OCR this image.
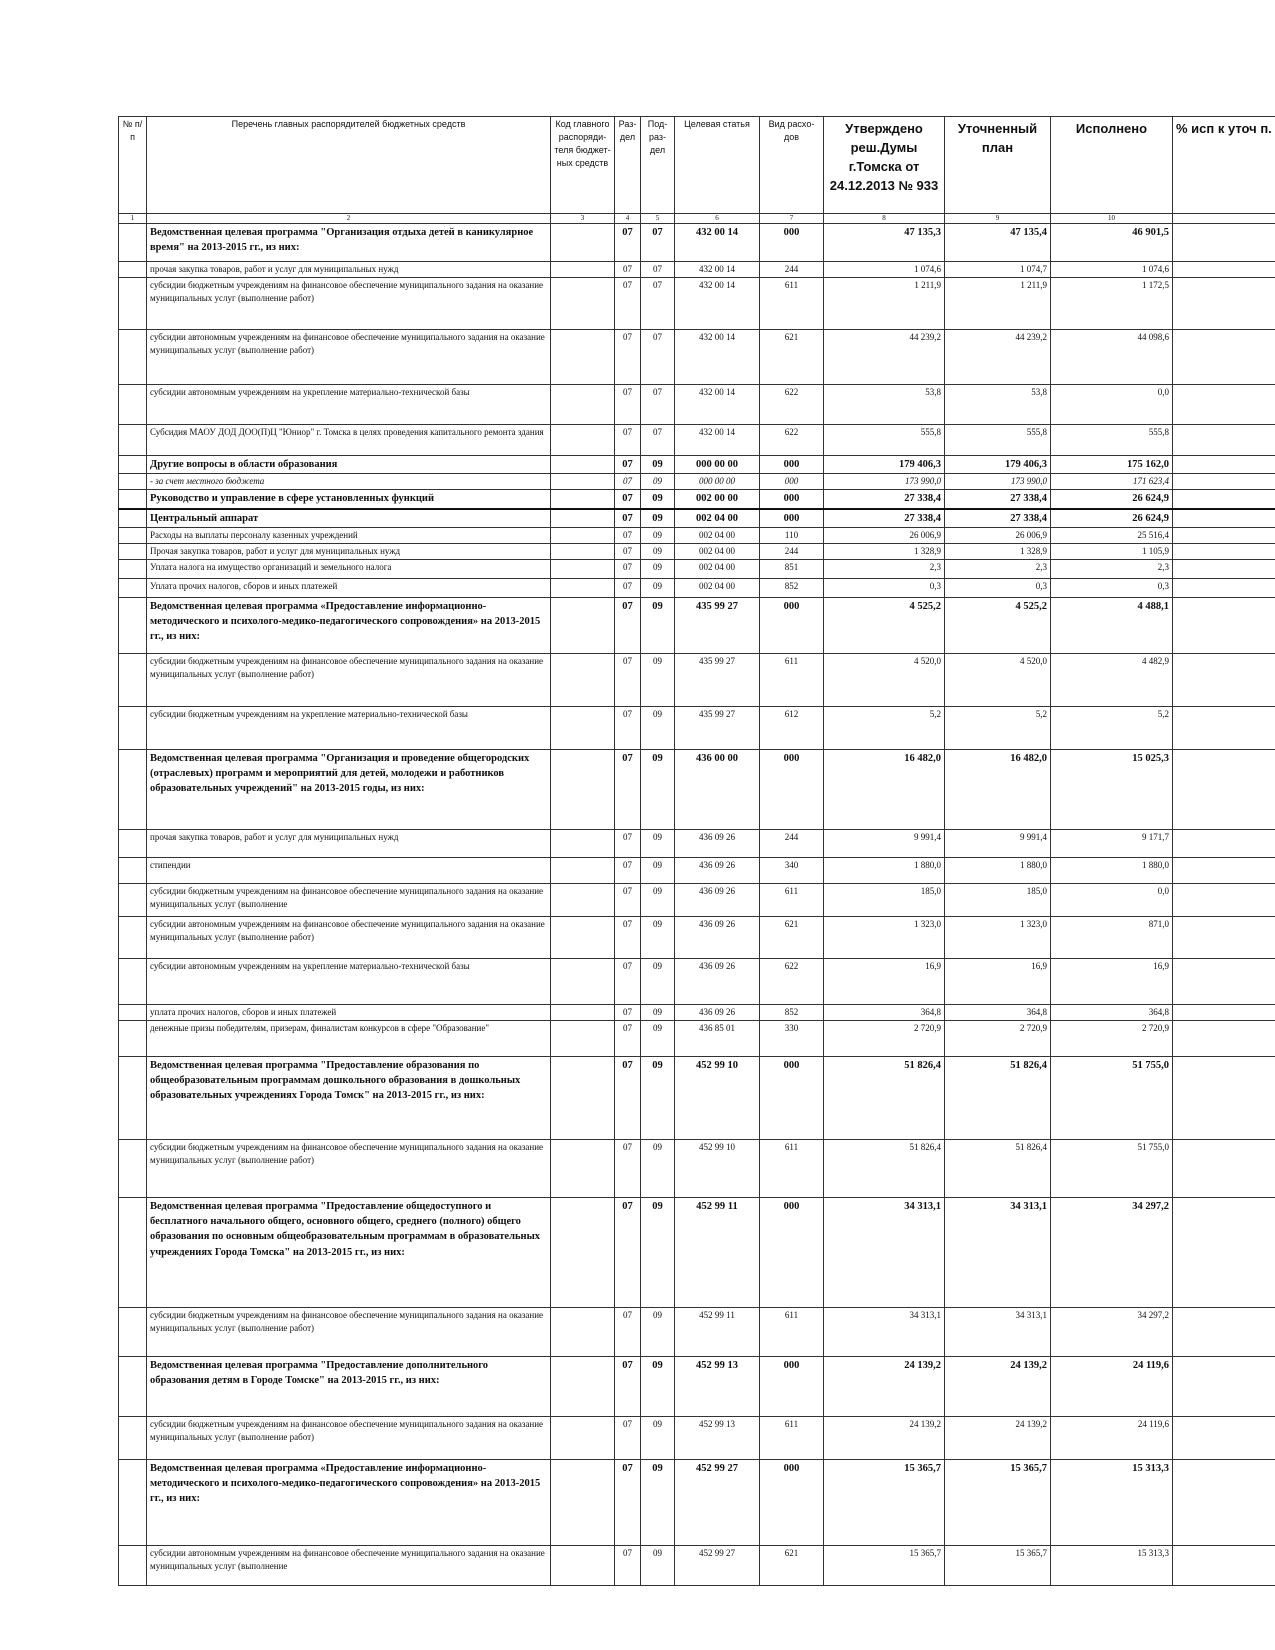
№ п/п	Перечень главных распорядителей бюджетных средств	Код главного распоряди-теля бюджет-ных средств	Раз-дел	Под-раз-дел	Целевая статья	Вид расхо-дов	Утверждено реш.Думы г.Томска от 24.12.2013 № 933	Уточненный план	Исполнено	% исп к уточ п.
1	2	3	4	5	6	7	8	9	10	
	Ведомственная целевая программа "Организация отдыха детей в каникулярное время" на 2013-2015 гг., из них:		07	07	432 00 14	000	47 135,3	47 135,4	46 901,5	
	прочая закупка товаров, работ и услуг для муниципальных нужд		07	07	432 00 14	244	1 074,6	1 074,7	1 074,6	
	субсидии бюджетным учреждениям на финансовое обеспечение муниципального задания на оказание муниципальных услуг (выполнение работ)		07	07	432 00 14	611	1 211,9	1 211,9	1 172,5	
	субсидии автономным учреждениям на финансовое обеспечение муниципального задания на оказание муниципальных услуг (выполнение работ)		07	07	432 00 14	621	44 239,2	44 239,2	44 098,6	
	субсидии автономным учреждениям на укрепление материально-технической базы		07	07	432 00 14	622	53,8	53,8	0,0	
	Субсидия МАОУ ДОД ДОО(П)Ц "Юниор" г. Томска в целях проведения капитального ремонта здания		07	07	432 00 14	622	555,8	555,8	555,8	
	Другие вопросы в области образования		07	09	000 00 00	000	179 406,3	179 406,3	175 162,0	
	- за счет местного бюджета		07	09	000 00 00	000	173 990,0	173 990,0	171 623,4	
	Руководство и управление в сфере установленных функций		07	09	002 00 00	000	27 338,4	27 338,4	26 624,9	
	Центральный аппарат		07	09	002 04 00	000	27 338,4	27 338,4	26 624,9	
	Расходы на выплаты персоналу казенных учреждений		07	09	002 04 00	110	26 006,9	26 006,9	25 516,4	
	Прочая закупка товаров, работ и услуг для муниципальных нужд		07	09	002 04 00	244	1 328,9	1 328,9	1 105,9	
	Уплата налога на имущество организаций и земельного налога		07	09	002 04 00	851	2,3	2,3	2,3	
	Уплата прочих налогов, сборов и иных платежей		07	09	002 04 00	852	0,3	0,3	0,3	
	Ведомственная целевая программа «Предоставление информационно-методического и психолого-медико-педагогического сопровождения» на 2013-2015 гг., из них:		07	09	435 99 27	000	4 525,2	4 525,2	4 488,1	
	субсидии бюджетным учреждениям на финансовое обеспечение муниципального задания на оказание муниципальных услуг (выполнение работ)		07	09	435 99 27	611	4 520,0	4 520,0	4 482,9	
	субсидии бюджетным учреждениям на укрепление материально-технической базы		07	09	435 99 27	612	5,2	5,2	5,2	
	Ведомственная целевая программа "Организация и проведение общегородских (отраслевых) программ и мероприятий для детей, молодежи и работников образовательных учреждений" на 2013-2015 годы, из них:		07	09	436 00 00	000	16 482,0	16 482,0	15 025,3	
	прочая закупка товаров, работ и услуг для муниципальных нужд		07	09	436 09 26	244	9 991,4	9 991,4	9 171,7	
	стипендии		07	09	436 09 26	340	1 880,0	1 880,0	1 880,0	
	субсидии бюджетным учреждениям на финансовое обеспечение муниципального задания на оказание муниципальных услуг (выполнение		07	09	436 09 26	611	185,0	185,0	0,0	
	субсидии автономным учреждениям на финансовое обеспечение муниципального задания на оказание муниципальных услуг (выполнение работ)		07	09	436 09 26	621	1 323,0	1 323,0	871,0	
	субсидии автономным учреждениям на укрепление материально-технической базы		07	09	436 09 26	622	16,9	16,9	16,9	
	уплата прочих налогов, сборов и иных платежей		07	09	436 09 26	852	364,8	364,8	364,8	
	денежные призы победителям, призерам, финалистам конкурсов в сфере "Образование"		07	09	436 85 01	330	2 720,9	2 720,9	2 720,9	
	Ведомственная целевая программа "Предоставление образования по общеобразовательным программам дошкольного образования в дошкольных образовательных учреждениях Города Томск" на 2013-2015 гг., из них:		07	09	452 99 10	000	51 826,4	51 826,4	51 755,0	
	субсидии бюджетным учреждениям на финансовое обеспечение муниципального задания на оказание муниципальных услуг (выполнение работ)		07	09	452 99 10	611	51 826,4	51 826,4	51 755,0	
	Ведомственная целевая программа "Предоставление общедоступного и бесплатного начального общего, основного общего, среднего (полного) общего образования по основным общеобразовательным программам в образовательных учреждениях Города Томска" на 2013-2015 гг., из них:		07	09	452 99 11	000	34 313,1	34 313,1	34 297,2	
	субсидии бюджетным учреждениям на финансовое обеспечение муниципального задания на оказание муниципальных услуг (выполнение работ)		07	09	452 99 11	611	34 313,1	34 313,1	34 297,2	
	Ведомственная целевая программа "Предоставление дополнительного образования детям в Городе Томске" на 2013-2015 гг., из них:		07	09	452 99 13	000	24 139,2	24 139,2	24 119,6	
	субсидии бюджетным учреждениям на финансовое обеспечение муниципального задания на оказание муниципальных услуг (выполнение работ)		07	09	452 99 13	611	24 139,2	24 139,2	24 119,6	
	Ведомственная целевая программа «Предоставление информационно-методического и психолого-медико-педагогического сопровождения» на 2013-2015 гг., из них:		07	09	452 99 27	000	15 365,7	15 365,7	15 313,3	
	субсидии автономным учреждениям на финансовое обеспечение муниципального задания на оказание муниципальных услуг (выполнение		07	09	452 99 27	621	15 365,7	15 365,7	15 313,3	
